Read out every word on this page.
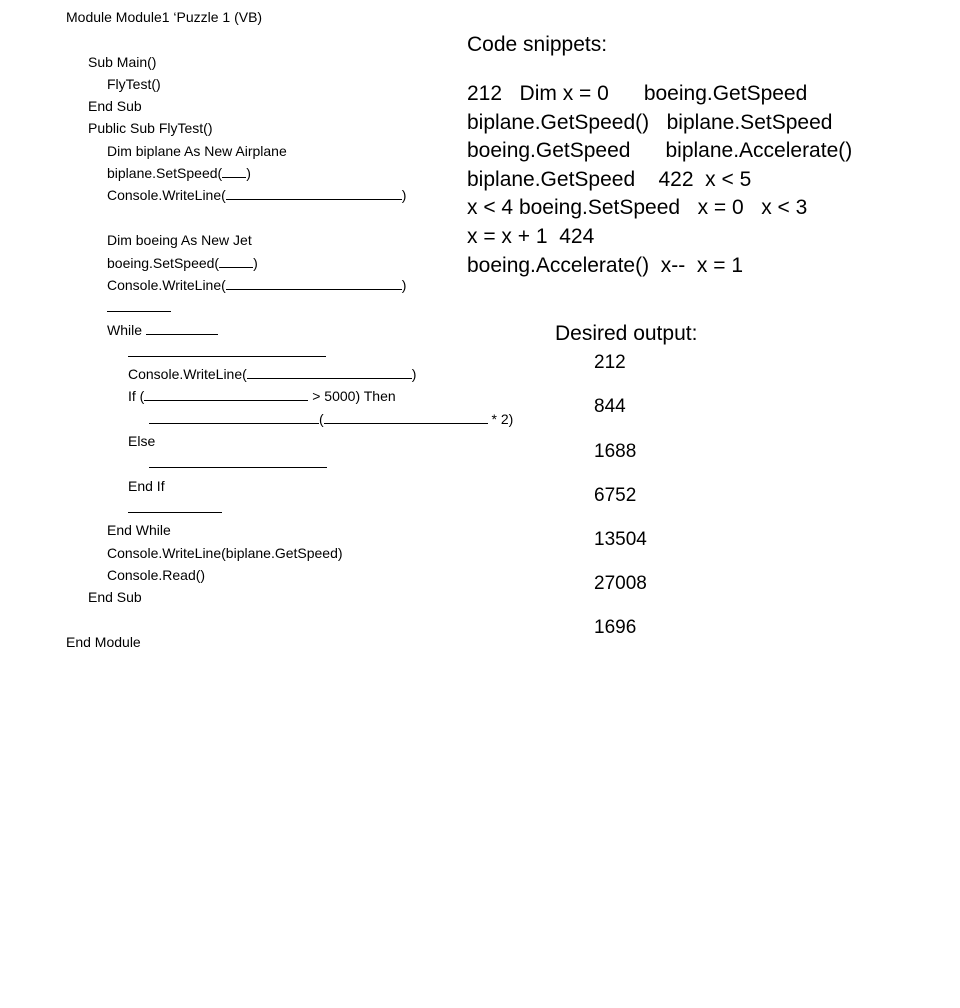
Module Module1 ‘Puzzle 1 (VB)

Sub Main()

FlyTest()

End Sub

Public Sub FlyTest()

Dim biplane As New Airplane

biplane.SetSpeed( )

Console.WriteLine(	)

Dim boeing As New Jet

boeing.SetSpeed( )

Console.WriteLine(	)

While

Console.WriteLine(	)

If (	> 5000) Then

(	* 2)

Else

End If

End While

Console.WriteLine(biplane.GetSpeed)

Console.Read()

End Sub

End Module

Code snippets:
212   Dim x = 0      boeing.GetSpeed
biplane.GetSpeed()   biplane.SetSpeed
boeing.GetSpeed      biplane.Accelerate()
biplane.GetSpeed    422  x < 5
x < 4 boeing.SetSpeed   x = 0   x < 3
x = x + 1  424
boeing.Accelerate()  x--  x = 1
Desired output:
212
844
1688
6752
13504
27008
1696
